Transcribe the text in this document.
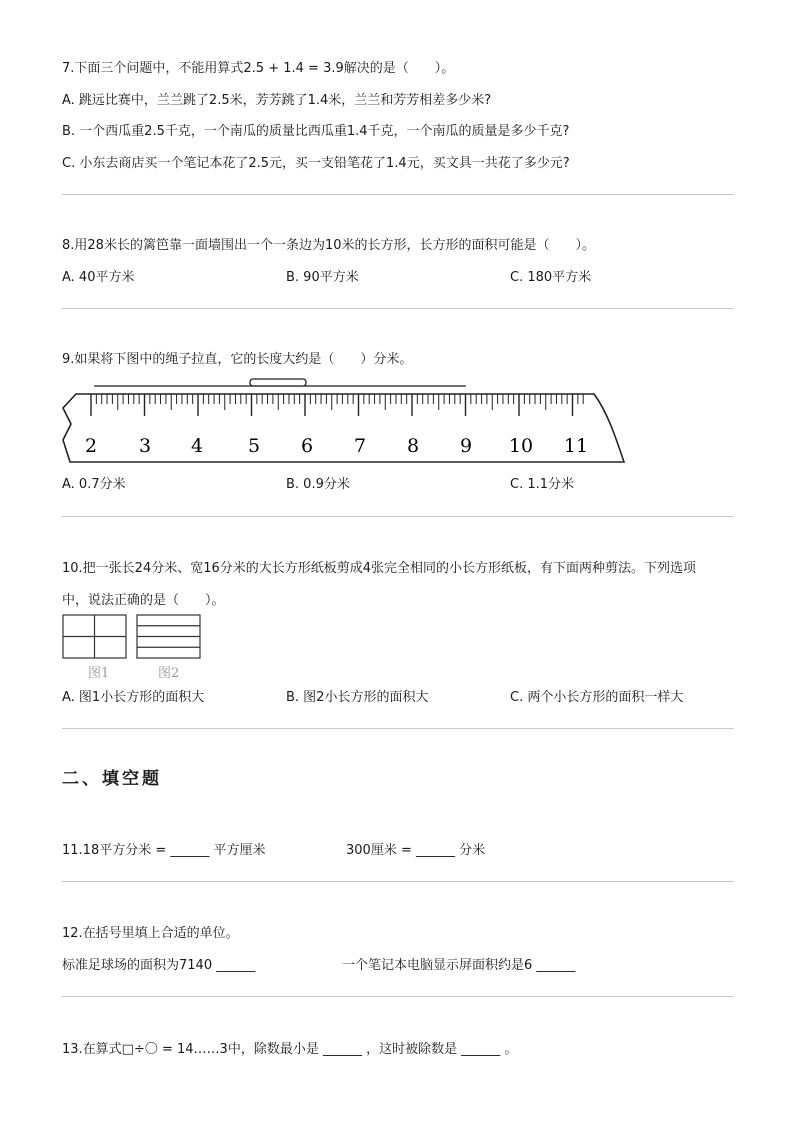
7.下面三个问题中，不能用算式2.5 + 1.4 = 3.9解决的是（　　）。
A. 跳远比赛中，兰兰跳了2.5米，芳芳跳了1.4米，兰兰和芳芳相差多少米?
B. 一个西瓜重2.5千克，一个南瓜的质量比西瓜重1.4千克，一个南瓜的质量是多少千克?
C. 小东去商店买一个笔记本花了2.5元，买一支铅笔花了1.4元，买文具一共花了多少元?
8.用28米长的篱笆靠一面墙围出一个一条边为10米的长方形，长方形的面积可能是（　　）。
A. 40平方米	B. 90平方米	C. 180平方米
9.如果将下图中的绳子拉直，它的长度大约是（　　）分米。
2 3 4 5 6 7 8 9 10 11
A. 0.7分米	B. 0.9分米	C. 1.1分米
10.把一张长24分米、宽16分米的大长方形纸板剪成4张完全相同的小长方形纸板，有下面两种剪法。下列选项
中，说法正确的是（　　）。
图1	图2
A. 图1小长方形的面积大	B. 图2小长方形的面积大	C. 两个小长方形的面积一样大
二、填空题
11.18平方分米 = ______ 平方厘米	300厘米 = ______ 分米
12.在括号里填上合适的单位。
标准足球场的面积为7140 ______	一个笔记本电脑显示屏面积约是6 ______
13.在算式□÷〇 = 14……3中，除数最小是 ______ ，这时被除数是 ______ 。
